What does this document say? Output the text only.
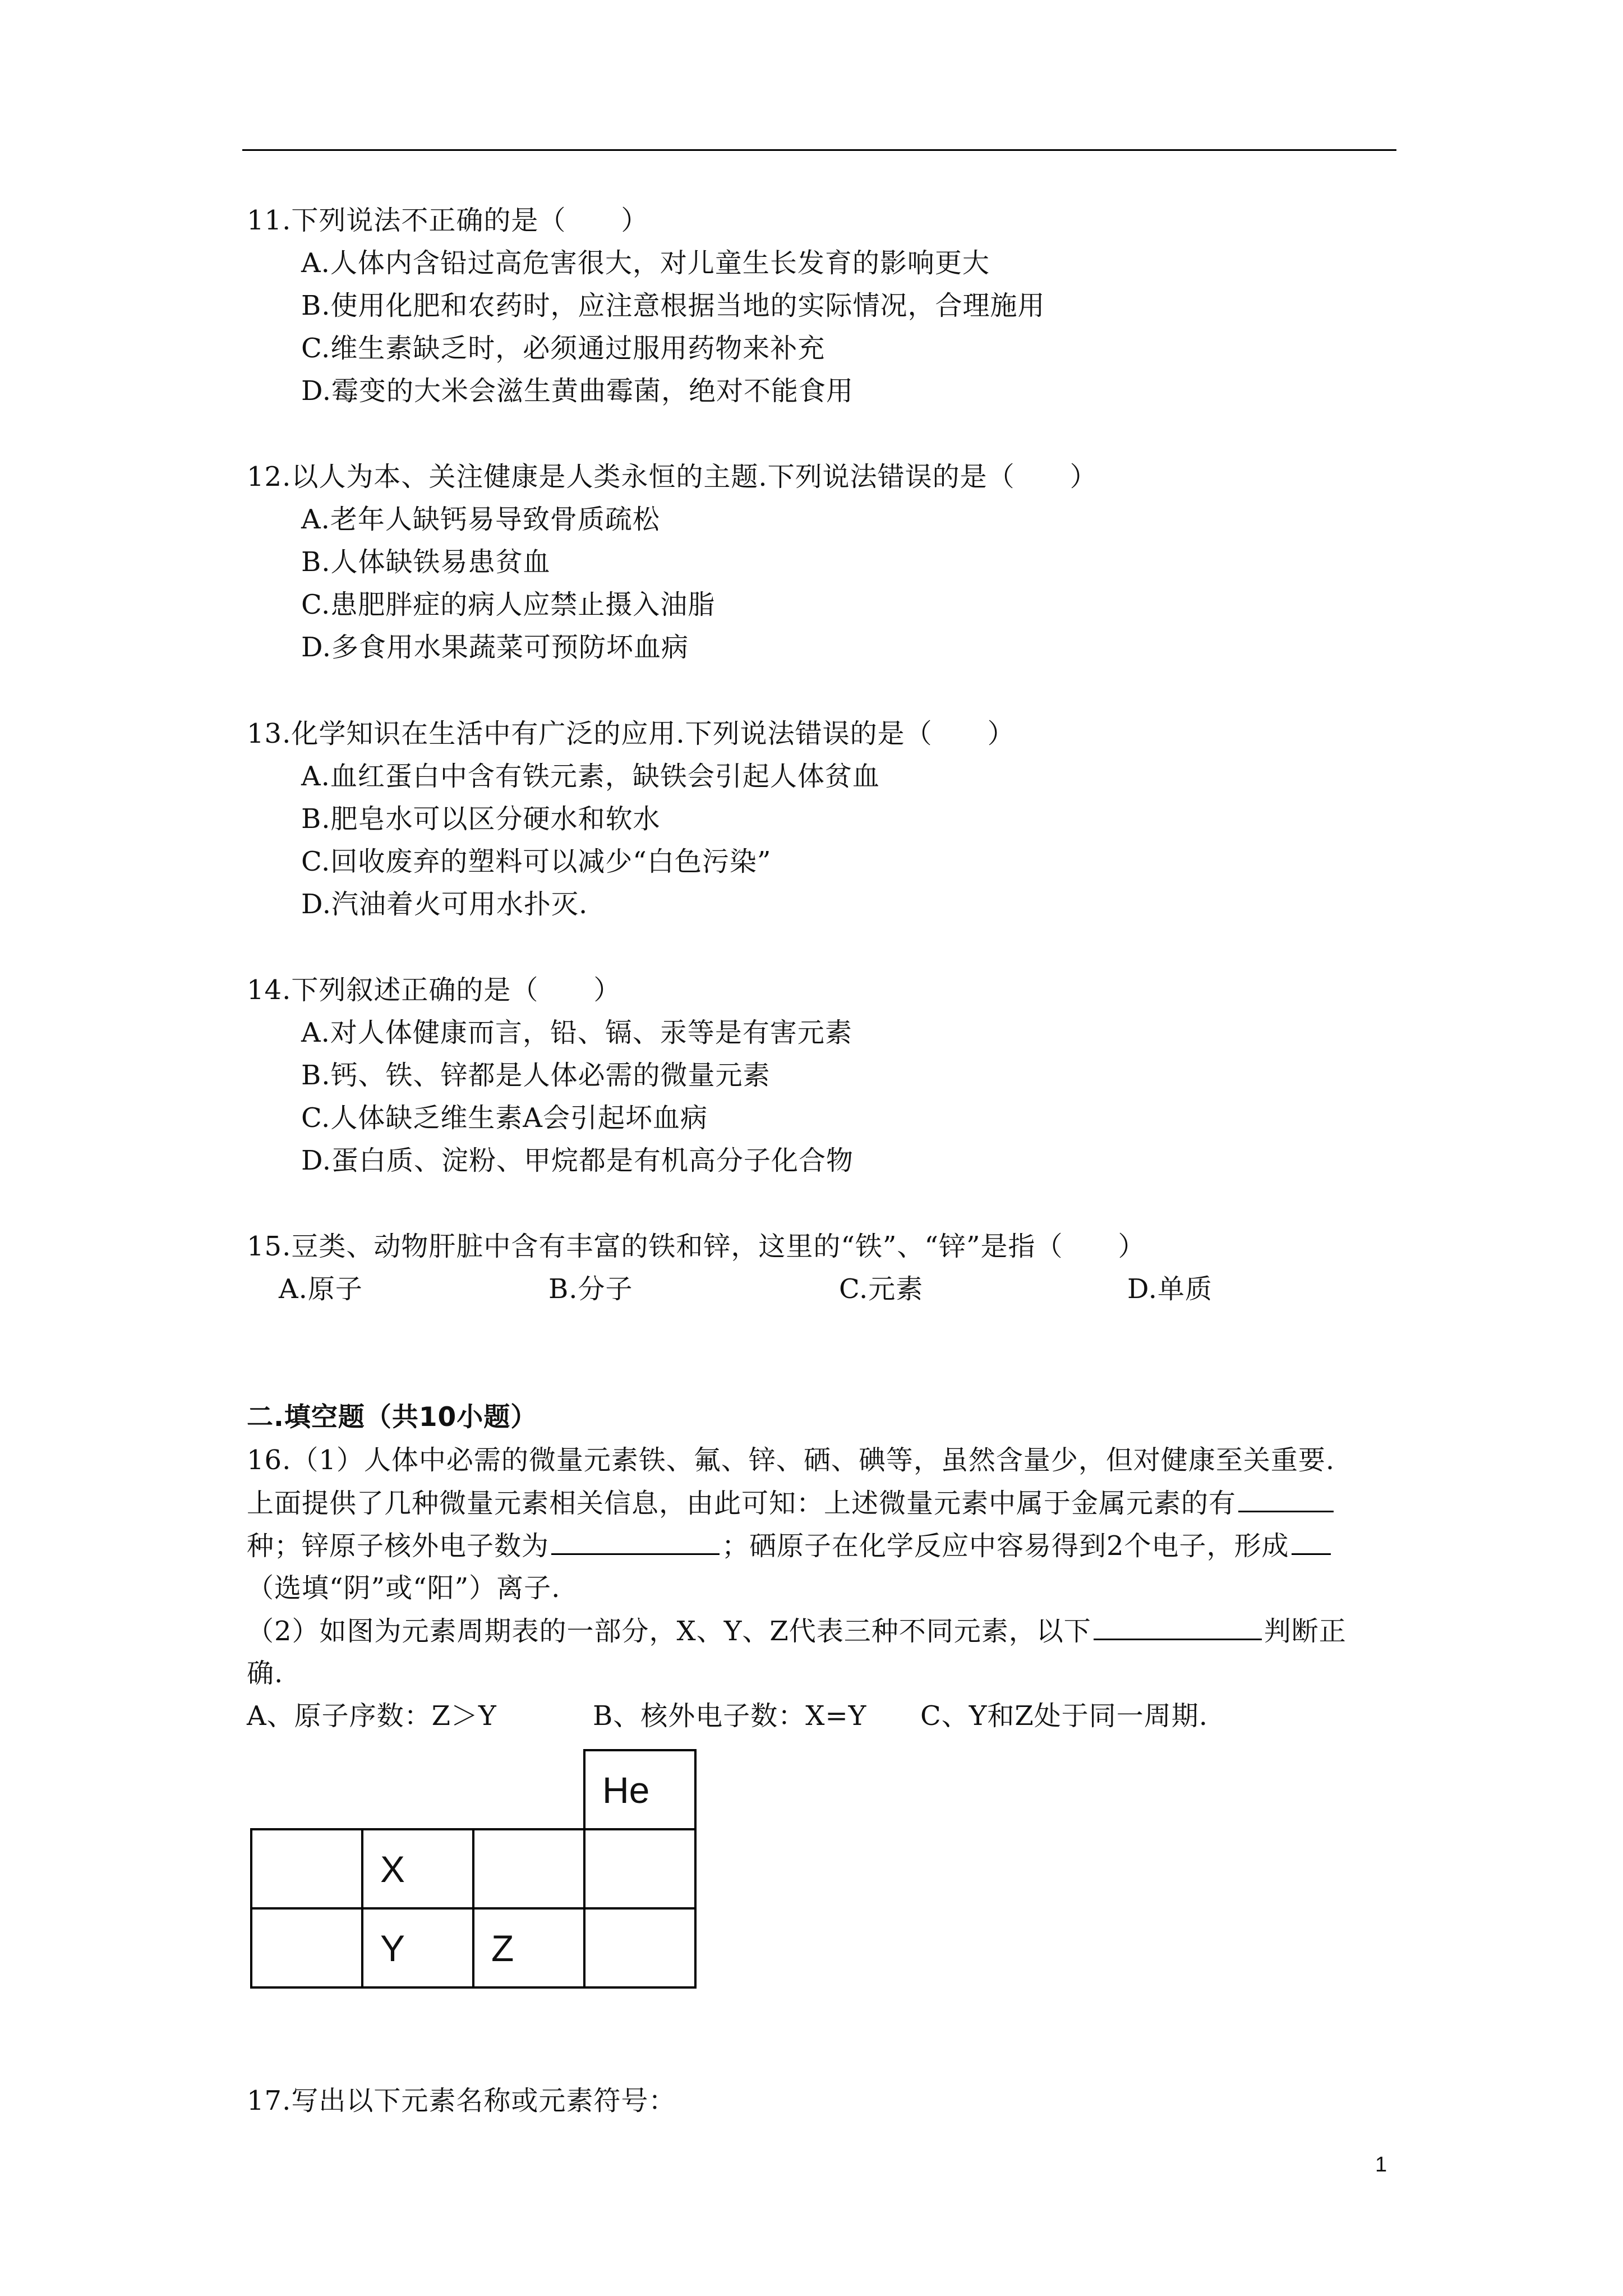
11.下列说法不正确的是（　　）
A.人体内含铅过高危害很大，对儿童生长发育的影响更大
B.使用化肥和农药时，应注意根据当地的实际情况，合理施用
C.维生素缺乏时，必须通过服用药物来补充
D.霉变的大米会滋生黄曲霉菌，绝对不能食用
12.以人为本、关注健康是人类永恒的主题.下列说法错误的是（　　）
A.老年人缺钙易导致骨质疏松
B.人体缺铁易患贫血
C.患肥胖症的病人应禁止摄入油脂
D.多食用水果蔬菜可预防坏血病
13.化学知识在生活中有广泛的应用.下列说法错误的是（　　）
A.血红蛋白中含有铁元素，缺铁会引起人体贫血
B.肥皂水可以区分硬水和软水
C.回收废弃的塑料可以减少“白色污染”
D.汽油着火可用水扑灭.
14.下列叙述正确的是（　　）
A.对人体健康而言，铅、镉、汞等是有害元素
B.钙、铁、锌都是人体必需的微量元素
C.人体缺乏维生素A会引起坏血病
D.蛋白质、淀粉、甲烷都是有机高分子化合物
15.豆类、动物肝脏中含有丰富的铁和锌，这里的“铁”、“锌”是指（　　）
A.原子	B.分子	C.元素	D.单质
二.填空题（共10小题）
16.（1）人体中必需的微量元素铁、氟、锌、硒、碘等，虽然含量少，但对健康至关重要.
上面提供了几种微量元素相关信息，由此可知：上述微量元素中属于金属元素的有
种；锌原子核外电子数为	；硒原子在化学反应中容易得到2个电子，形成
（选填“阴”或“阳”）离子.
（2）如图为元素周期表的一部分，X、Y、Z代表三种不同元素，以下	判断正
确.
A、原子序数：Z＞Y	B、核外电子数：X=Y C、Y和Z处于同一周期.
			He
	X		
	Y	Z	
17.写出以下元素名称或元素符号：
1
